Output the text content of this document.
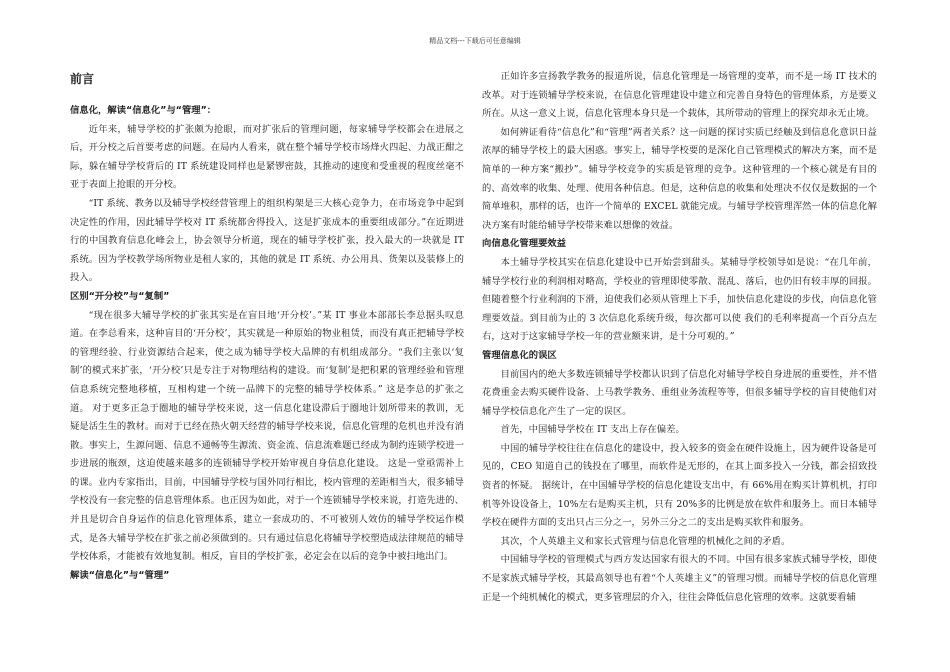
精品文档---下载后可任意编辑
前言
信息化，解读“信息化”与“管理”：

近年来，辅导学校的扩张颇为抢眼，而对扩张后的管理问题，每家辅导学校都会在进展之后，开分校之后首要考虑的问题。在局内人看来，就在整个辅导学校市场烽火四起、力战正酣之际，躲在辅导学校背后的 IT 系统建设同样也是紧锣密鼓，其推动的速度和受重视的程度丝毫不亚于表面上抢眼的开分校。

“IT 系统、教务以及辅导学校经营管理上的组织构架是三大核心竞争力，在市场竞争中起到决定性的作用，因此辅导学校对 IT 系统都舍得投入，这是扩张成本的重要组成部分。”在近期进行的中国教育信息化峰会上，协会领导分析道，现在的辅导学校扩张，投入最大的一块就是 IT 系统。因为学校教学场所物业是租人家的，其他的就是 IT 系统、办公用具、货架以及装修上的投入。

区别“开分校”与“复制”

“现在很多大辅导学校的扩张其实是在盲目地‘开分校’。”某 IT 事业本部部长李总据头叹息道。在李总看来，这种盲目的‘开分校’，其实就是一种原始的物业租赁，而没有真正把辅导学校的管理经验、行业资源结合起来，使之成为辅导学校大品牌的有机组成部分。“我们主张以‘复制’的模式来扩张，‘开分校’只是专注于对物理结构的建设。而‘复制’是把积累的管理经验和管理信息系统完整地移植，互相构建一个统一品牌下的完整的辅导学校体系。” 这是李总的扩张之道。 对于更多正急于圈地的辅导学校来说，这一信息化建设滞后于圈地计划所带来的教训，无疑是活生生的教材。而对于已经在热火朝天经营的辅导学校来说，信息化管理的危机也并没有消散。事实上，生源问题、信息不通畅等生源流、资金流、信息流难题已经成为制约连锁学校进一步进展的瓶颈，这迫使越来越多的连锁辅导学校开始审视自身信息化建设。 这是一堂亟需补上的课。业内专家指出，目前，中国辅导学校与国外同行相比，校内管理的差距相当大，很多辅导学校没有一套完整的信息管理体系。也正因为如此，对于一个连锁辅导学校来说，打造先进的、并且是切合自身运作的信息化管理体系，建立一套成功的、不可被别人效仿的辅导学校运作模式，是各大辅导学校在扩张之前必须做到的。只有通过信息化将辅导学校塑造成法律规范的辅导学校体系，才能被有效地复制。相反，盲目的学校扩张，必定会在以后的竞争中被扫地出门。

解读“信息化”与“管理”

正如许多宣扬教学教务的报道所说，信息化管理是一场管理的变革，而不是一场 IT 技术的改革。对于连锁辅导学校来说，在信息化管理建设中建立和完善自身特色的管理体系，方是要义所在。从这一意义上说，信息化管理本身只是一个载体，其所带动的管理上的探究却永无止境。

如何辨证看待“信息化”和“管理”两者关系？这一问题的探讨实质已经触及到信息化意识日益浓厚的辅导学校上的最大困惑。事实上，辅导学校要的是深化自己管理模式的解决方案，而不是简单的一种方案“搬抄”。辅导学校竞争的实质是管理的竞争。这种管理的一个核心就是有目的的、高效率的收集、处理、使用各种信息。但是，这种信息的收集和处理决不仅仅是数据的一个简单堆积，那样的话，也许一个简单的 EXCEL 就能完成。与辅导学校管理浑然一体的信息化解决方案有时能给辅导学校带来难以想像的效益。

向信息化管理要效益

本土辅导学校其实在信息化建设中已开始尝到甜头。某辅导学校领导如是说：“在几年前，辅导学校行业的利润相对略高，学校业的管理即使零散、混乱、落后，也仍旧有较丰厚的回报。但随着整个行业利润的下滑，迫使我们必须从管理上下手，加快信息化建设的步伐，向信息化管理要效益。到目前为止的 3 次信息化系统升级，每次都可以使 我们的毛利率提高一个百分点左右，这对于这家辅导学校一年的营业额来讲，是十分可观的。”

管理信息化的误区

目前国内的绝大多数连锁辅导学校都认识到了信息化对辅导学校自身进展的重要性，并不惜花费重金去购买硬件设备、上马教学教务、重组业务流程等等，但很多辅导学校的盲目使他们对辅导学校信息化产生了一定的误区。

首先，中国辅导学校在 IT 支出上存在偏差。

中国的辅导学校往往在信息化的建设中，投入较多的资金在硬件设施上，因为硬件设备是可见的，CEO 知道自己的钱投在了哪里，而软件是无形的，在其上面多投入一分钱，都会招致投资者的怀疑。 据统计，在中国辅导学校的信息化建设支出中，有 66%用在购买计算机机，打印机等外设设备上，10%左右是购买主机，只有 20%多的比例是放在软件和服务上。而日本辅导学校在硬件方面的支出只占三分之一，另外三分之二的支出是购买软件和服务。

其次，个人英雄主义和家长式管理与信息化管理的机械化之间的矛盾。

中国辅导学校的管理模式与西方发达国家有很大的不同。中国有很多家族式辅导学校，即使不是家族式辅导学校，其最高领导也有着“个人英雄主义”的管理习惯。而辅导学校的信息化管理正是一个纯机械化的模式，更多管理层的介入，往往会降低信息化管理的效率。这就要看辅
